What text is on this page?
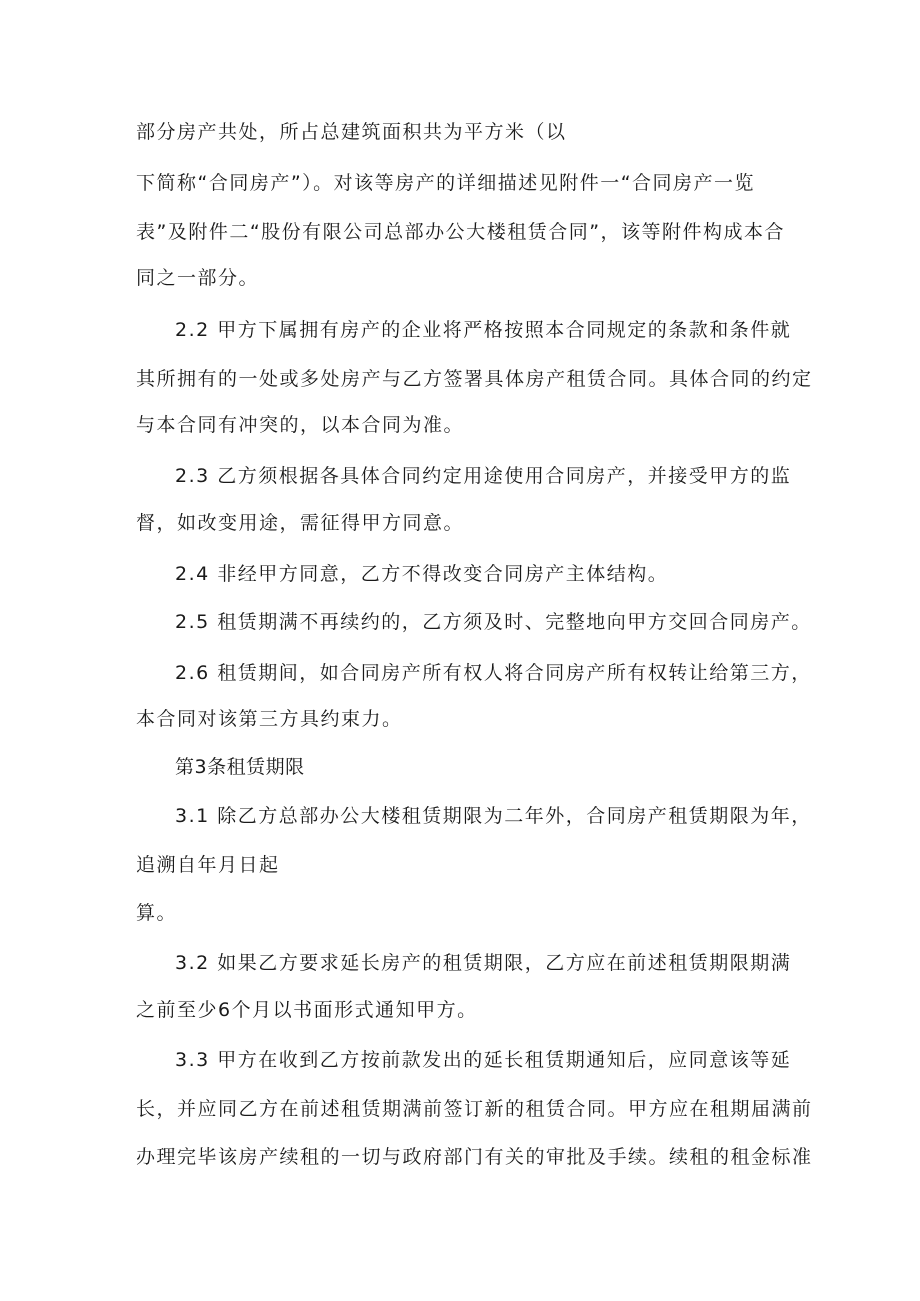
部分房产共处，所占总建筑面积共为平方米（以
下简称“合同房产”）。对该等房产的详细描述见附件一“合同房产一览
表”及附件二“股份有限公司总部办公大楼租赁合同”，该等附件构成本合
同之一部分。
2.2 甲方下属拥有房产的企业将严格按照本合同规定的条款和条件就
其所拥有的一处或多处房产与乙方签署具体房产租赁合同。具体合同的约定
与本合同有冲突的，以本合同为准。
2.3 乙方须根据各具体合同约定用途使用合同房产，并接受甲方的监
督，如改变用途，需征得甲方同意。
2.4 非经甲方同意，乙方不得改变合同房产主体结构。
2.5 租赁期满不再续约的，乙方须及时、完整地向甲方交回合同房产。
2.6 租赁期间，如合同房产所有权人将合同房产所有权转让给第三方，
本合同对该第三方具约束力。
第3条租赁期限
3.1 除乙方总部办公大楼租赁期限为二年外，合同房产租赁期限为年，
追溯自年月日起
算。
3.2 如果乙方要求延长房产的租赁期限，乙方应在前述租赁期限期满
之前至少6个月以书面形式通知甲方。
3.3 甲方在收到乙方按前款发出的延长租赁期通知后，应同意该等延
长，并应同乙方在前述租赁期满前签订新的租赁合同。甲方应在租期届满前
办理完毕该房产续租的一切与政府部门有关的审批及手续。续租的租金标准
